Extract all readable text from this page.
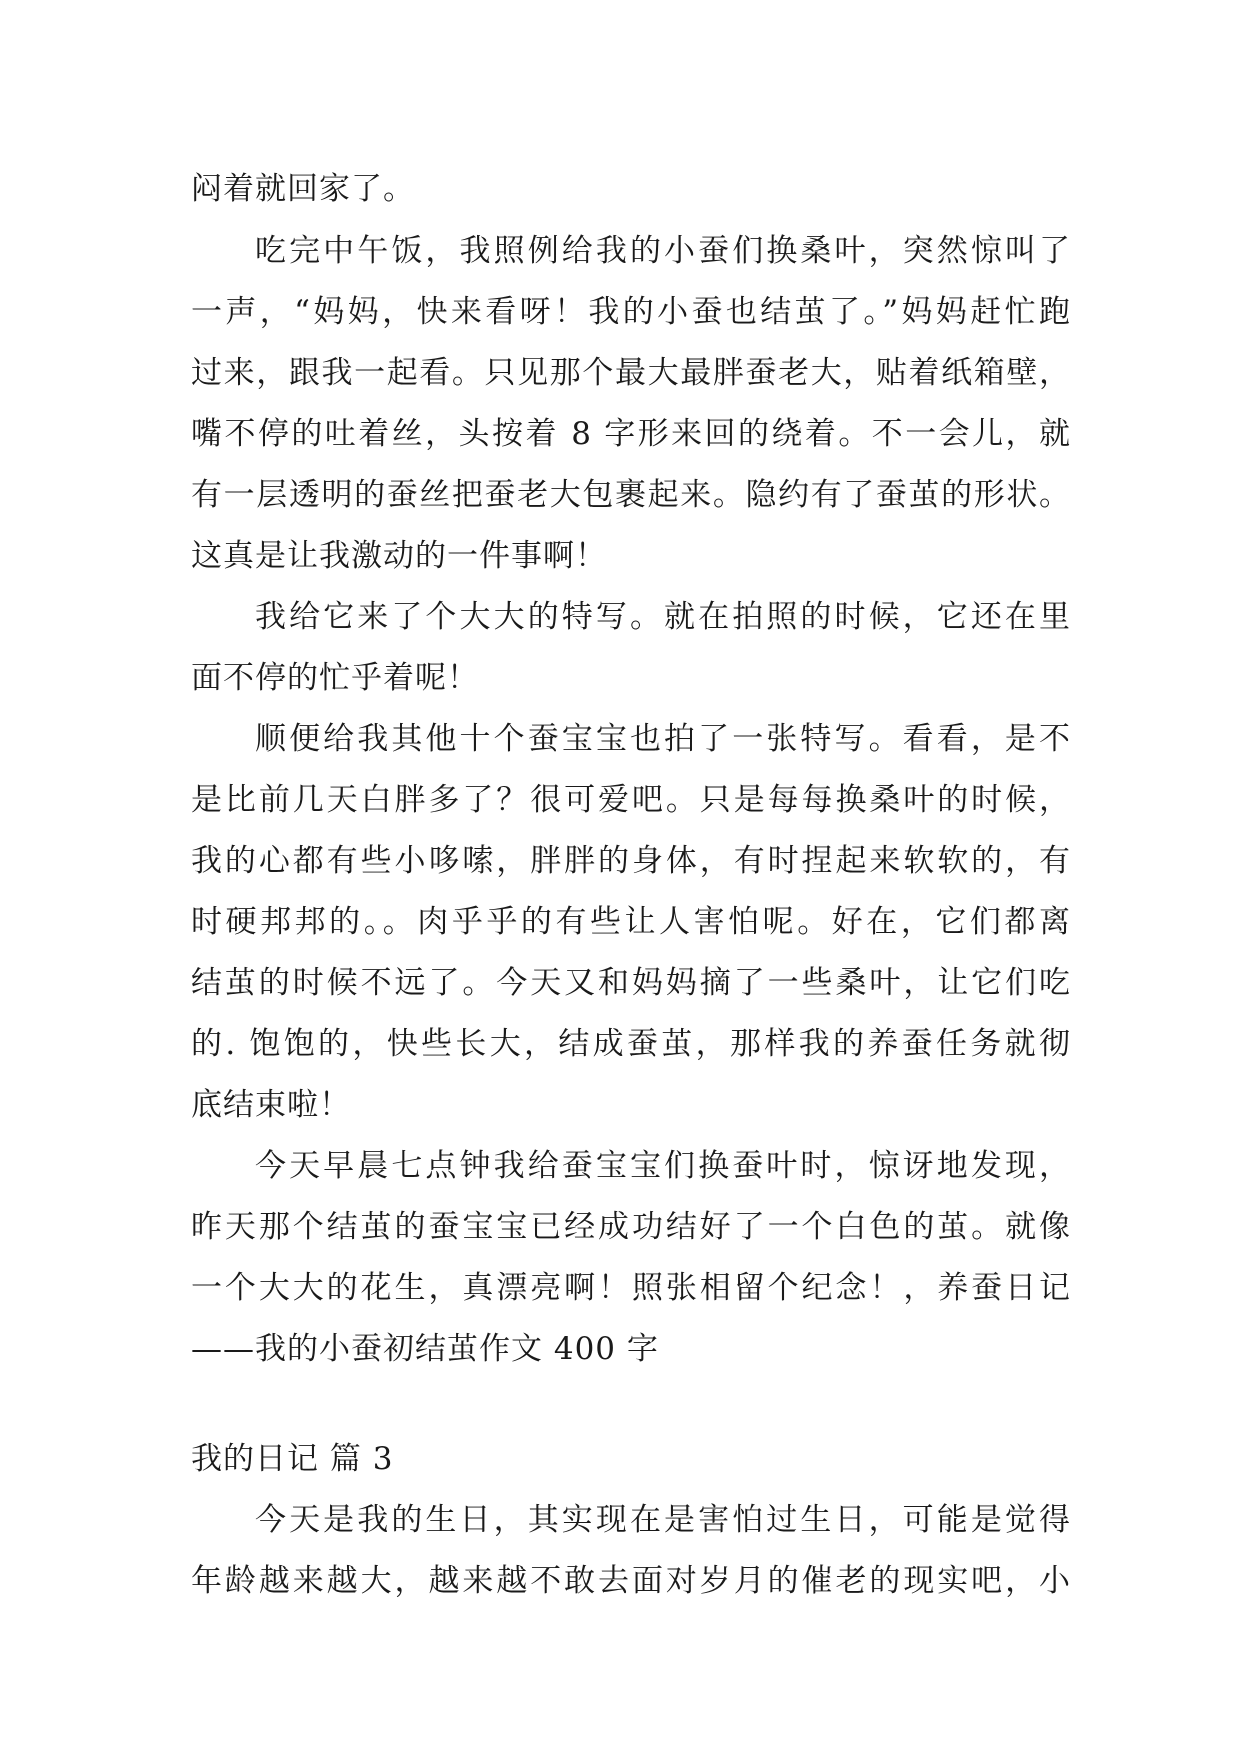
闷着就回家了。
吃完中午饭，我照例给我的小蚕们换桑叶，突然惊叫了
一声，“妈妈，快来看呀！我的小蚕也结茧了。”妈妈赶忙跑
过来，跟我一起看。只见那个最大最胖蚕老大，贴着纸箱壁，
嘴不停的吐着丝，头按着 8 字形来回的绕着。不一会儿，就
有一层透明的蚕丝把蚕老大包裹起来。隐约有了蚕茧的形状。
这真是让我激动的一件事啊！
我给它来了个大大的特写。就在拍照的时候，它还在里
面不停的忙乎着呢！
顺便给我其他十个蚕宝宝也拍了一张特写。看看，是不
是比前几天白胖多了？很可爱吧。只是每每换桑叶的时候，
我的心都有些小哆嗦，胖胖的身体，有时捏起来软软的，有
时硬邦邦的。。肉乎乎的有些让人害怕呢。好在，它们都离
结茧的时候不远了。今天又和妈妈摘了一些桑叶，让它们吃
的. 饱饱的，快些长大，结成蚕茧，那样我的养蚕任务就彻
底结束啦！
今天早晨七点钟我给蚕宝宝们换蚕叶时，惊讶地发现，
昨天那个结茧的蚕宝宝已经成功结好了一个白色的茧。就像
一个大大的花生，真漂亮啊！照张相留个纪念！，养蚕日记
——我的小蚕初结茧作文 400 字
我的日记 篇 3
今天是我的生日，其实现在是害怕过生日，可能是觉得
年龄越来越大，越来越不敢去面对岁月的催老的现实吧，小
